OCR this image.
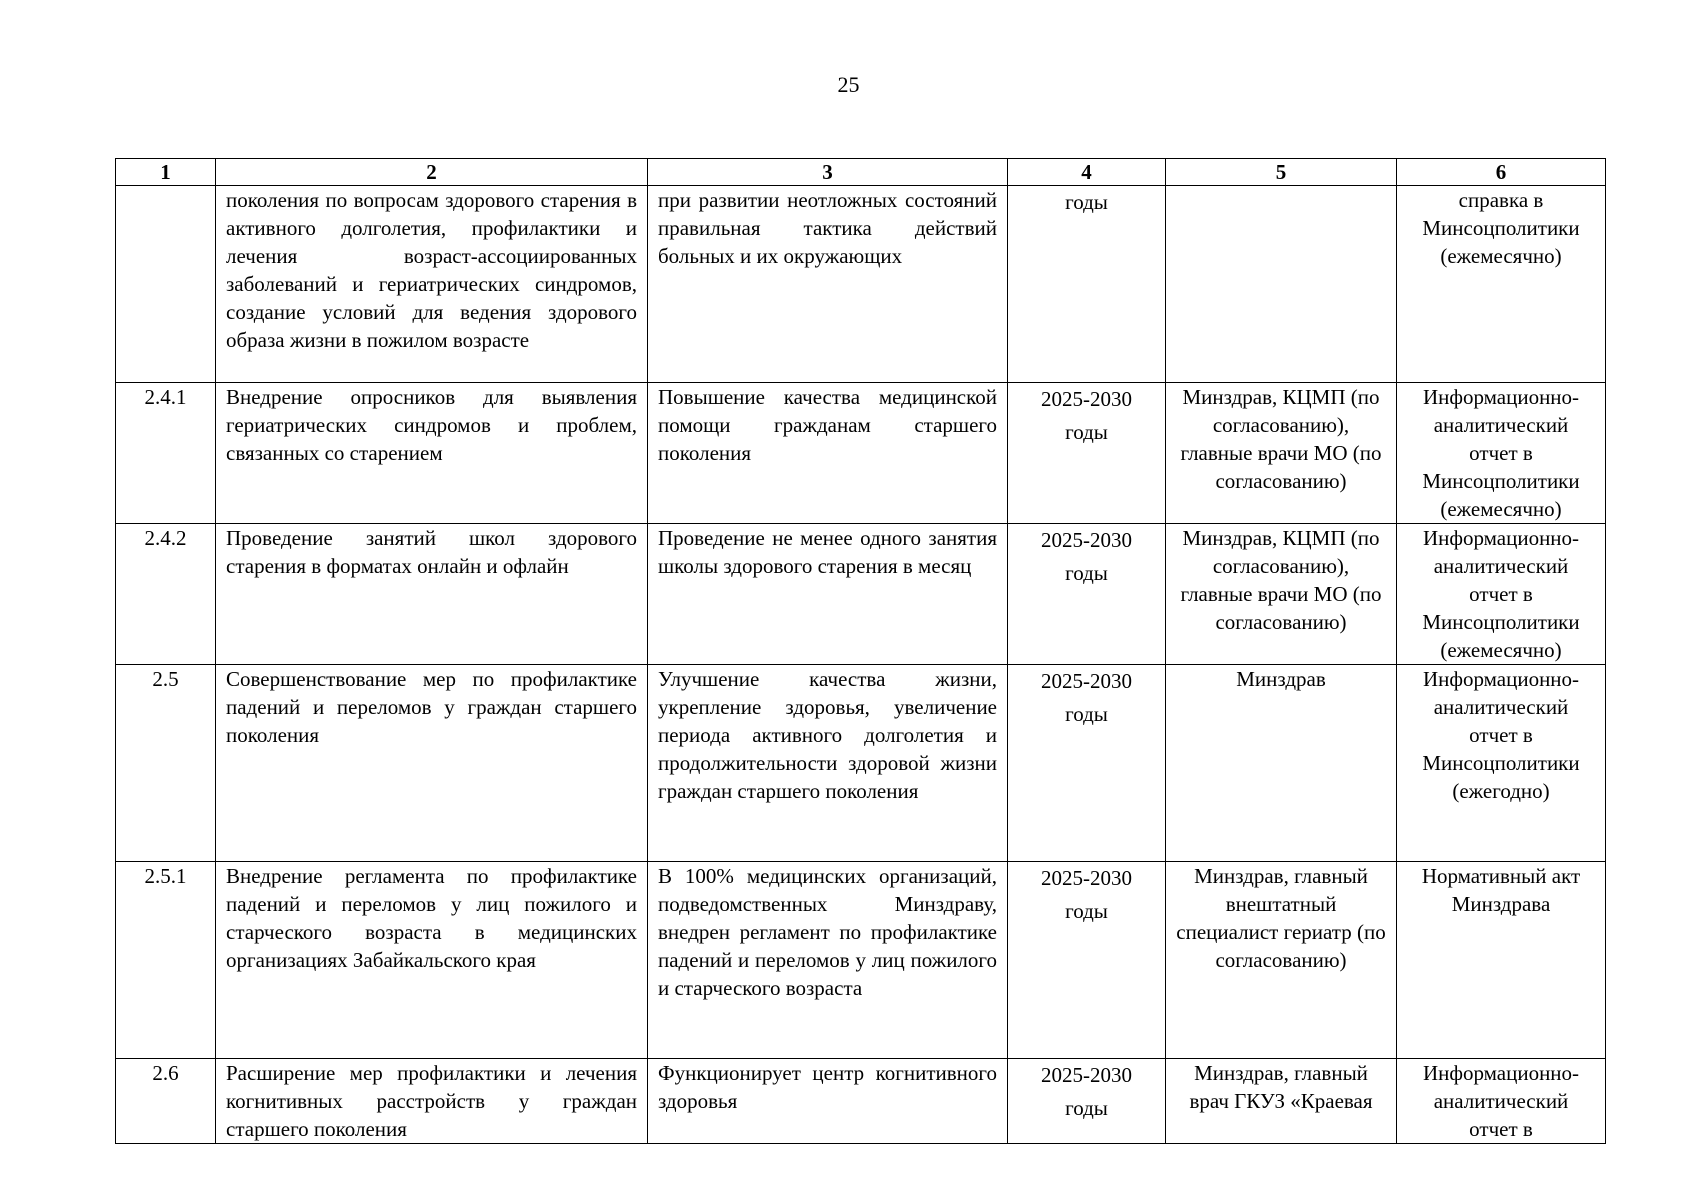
25
1	2	3	4	5	6
	поколения по вопросам здорового старения в активного долголетия, профилактики и лечения возраст-ассоциированных заболеваний и гериатрических синдромов, создание условий для ведения здорового образа жизни в пожилом возрасте	при развитии неотложных состояний правильная тактика действий больных и их окружающих	годы		справка в Минсоцполитики (ежемесячно)
2.4.1	Внедрение опросников для выявления гериатрических синдромов и проблем, связанных со старением	Повышение качества медицинской помощи гражданам старшего поколения	2025-2030 годы	Минздрав, КЦМП (по согласованию), главные врачи МО (по согласованию)	Информационно-аналитический отчет в Минсоцполитики (ежемесячно)
2.4.2	Проведение занятий школ здорового старения в форматах онлайн и офлайн	Проведение не менее одного занятия школы здорового старения в месяц	2025-2030 годы	Минздрав, КЦМП (по согласованию), главные врачи МО (по согласованию)	Информационно-аналитический отчет в Минсоцполитики (ежемесячно)
2.5	Совершенствование мер по профилактике падений и переломов у граждан старшего поколения	Улучшение качества жизни, укрепление здоровья, увеличение периода активного долголетия и продолжительности здоровой жизни граждан старшего поколения	2025-2030 годы	Минздрав	Информационно-аналитический отчет в Минсоцполитики (ежегодно)
2.5.1	Внедрение регламента по профилактике падений и переломов у лиц пожилого и старческого возраста в медицинских организациях Забайкальского края	В 100% медицинских организаций, подведомственных Минздраву, внедрен регламент по профилактике падений и переломов у лиц пожилого и старческого возраста	2025-2030 годы	Минздрав, главный внештатный специалист гериатр (по согласованию)	Нормативный акт Минздрава
2.6	Расширение мер профилактики и лечения когнитивных расстройств у граждан старшего поколения	Функционирует центр когнитивного здоровья	2025-2030 годы	Минздрав, главный врач ГКУЗ «Краевая	Информационно-аналитический отчет в
